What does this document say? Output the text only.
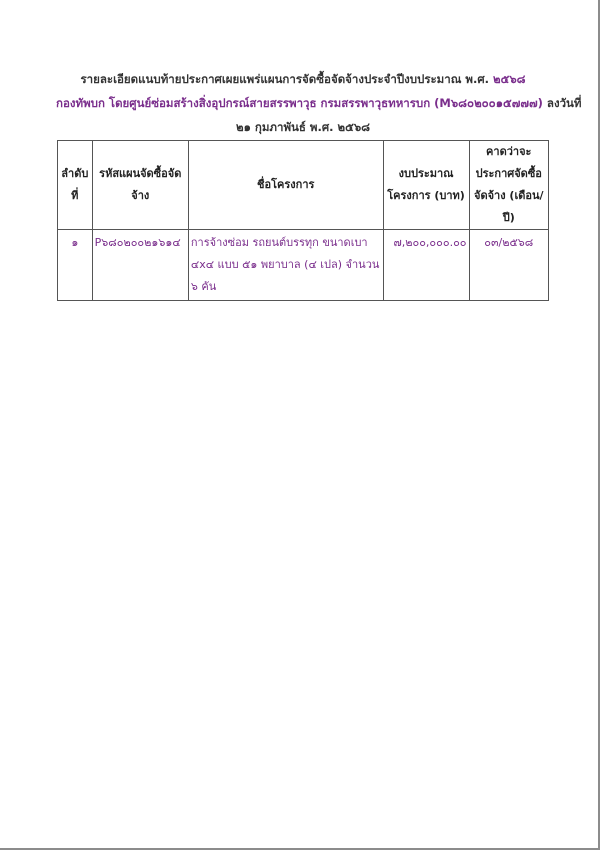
รายละเอียดแนบท้ายประกาศเผยแพร่แผนการจัดซื้อจัดจ้างประจำปีงบประมาณ พ.ศ. ๒๕๖๘
กองทัพบก โดยศูนย์ซ่อมสร้างสิ่งอุปกรณ์สายสรรพาวุธ กรมสรรพาวุธทหารบก (M๖๘๐๒๐๐๑๕๗๗๗) ลงวันที่
๒๑ กุมภาพันธ์ พ.ศ. ๒๕๖๘
ลำดับที่	รหัสแผนจัดซื้อจัดจ้าง	ชื่อโครงการ	งบประมาณโครงการ (บาท)	คาดว่าจะประกาศจัดซื้อจัดจ้าง (เดือน/ปี)
๑	P๖๘๐๒๐๐๒๑๖๑๔	การจ้างซ่อม รถยนต์บรรทุก ขนาดเบา ๔x๔ แบบ ๕๑ พยาบาล (๔ เปล) จำนวน ๖ คัน	๗,๒๐๐,๐๐๐.๐๐	๐๓/๒๕๖๘
